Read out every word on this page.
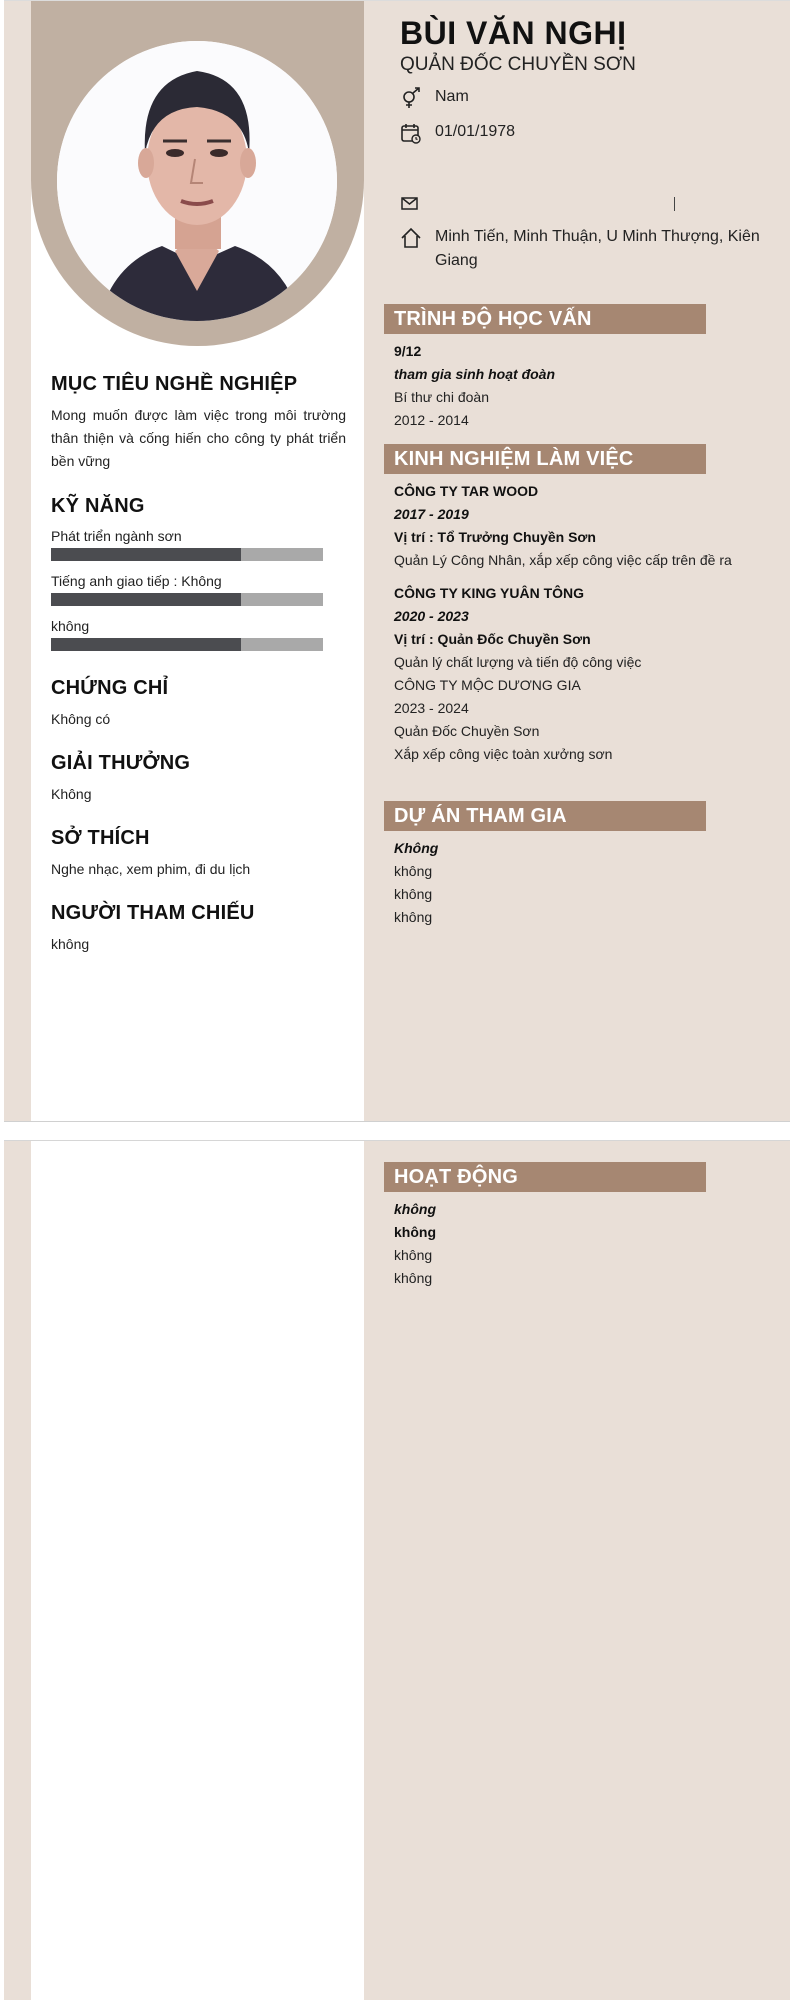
BÙI VĂN NGHỊ
QUẢN ĐỐC CHUYỀN SƠN
Nam
01/01/1978
Minh Tiến, Minh Thuận, U Minh Thượng, Kiên Giang
MỤC TIÊU NGHỀ NGHIỆP
Mong muốn được làm việc trong môi trường thân thiện và cống hiến cho công ty phát triển bền vững
KỸ NĂNG
Phát triển ngành sơn
Tiếng anh giao tiếp : Không
không
CHỨNG CHỈ
Không có
GIẢI THƯỞNG
Không
SỞ THÍCH
Nghe nhạc, xem phim, đi du lịch
NGƯỜI THAM CHIẾU
không
TRÌNH ĐỘ HỌC VẤN
9/12
tham gia sinh hoạt đoàn
Bí thư chi đoàn
2012 - 2014
KINH NGHIỆM LÀM VIỆC
CÔNG TY TAR WOOD
2017 - 2019
Vị trí : Tổ Trưởng Chuyền Sơn
Quản Lý Công Nhân, xắp xếp công việc cấp trên đề ra
CÔNG TY KING YUÂN TÔNG
2020 - 2023
Vị trí : Quản Đốc Chuyền Sơn
Quản lý chất lượng và tiến độ công việc
CÔNG TY MỘC DƯƠNG GIA
2023 - 2024
Quản Đốc Chuyền Sơn
Xắp xếp công việc toàn xưởng sơn
DỰ ÁN THAM GIA
Không
không
không
không
HOẠT ĐỘNG
không
không
không
không
